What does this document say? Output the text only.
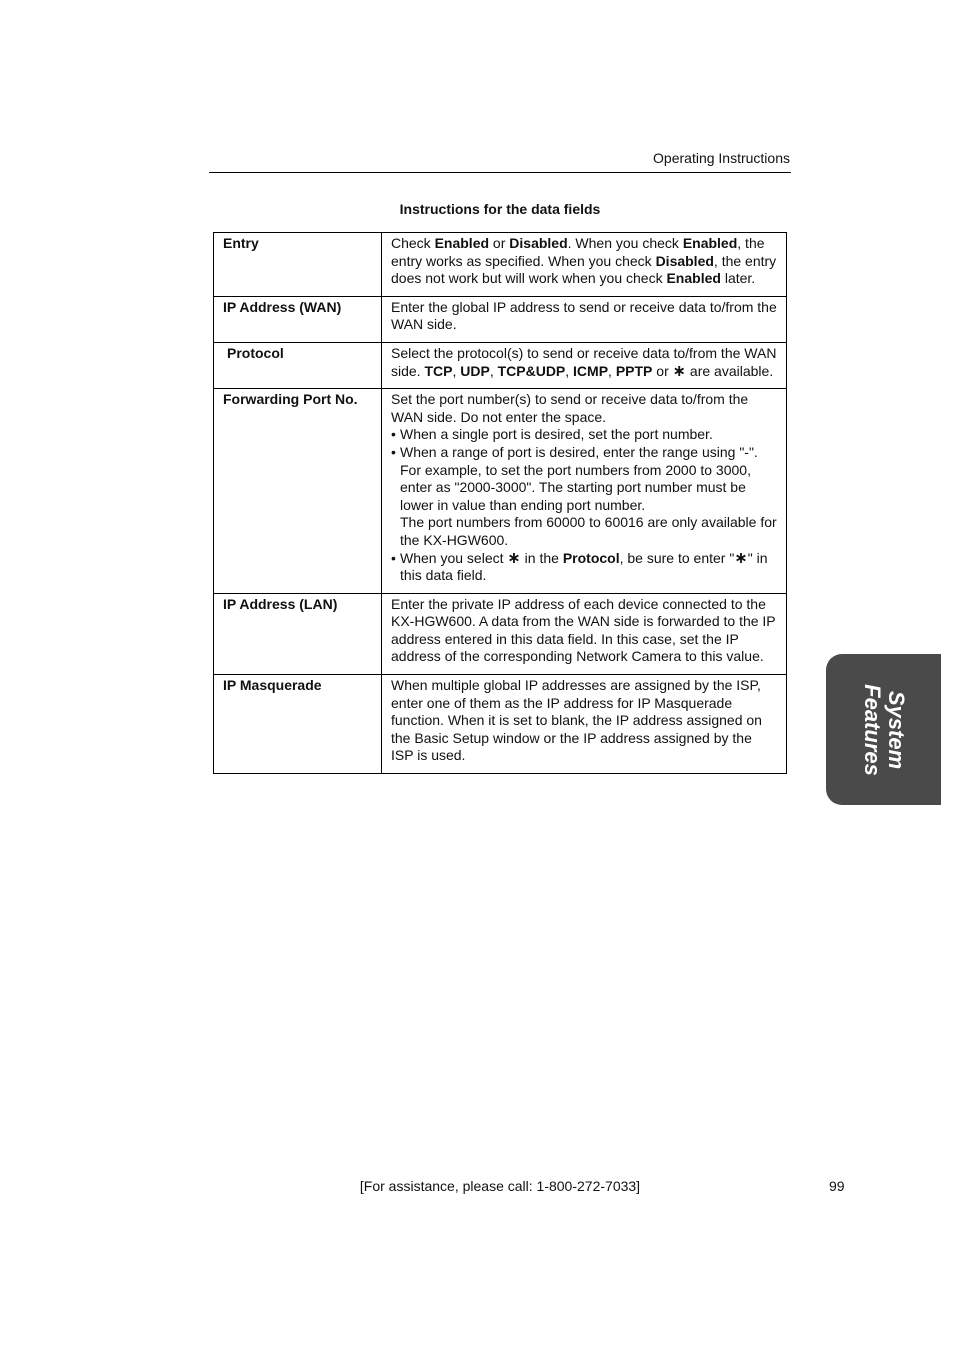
Operating Instructions
Instructions for the data fields
Entry	Check Enabled or Disabled. When you check Enabled, the entry works as specified. When you check Disabled, the entry does not work but will work when you check Enabled later.
IP Address (WAN)	Enter the global IP address to send or receive data to/from the WAN side.
Protocol	Select the protocol(s) to send or receive data to/from the WAN side. TCP, UDP, TCP&UDP, ICMP, PPTP or ∗ are available.
Forwarding Port No.	Set the port number(s) to send or receive data to/from the WAN side. Do not enter the space.

• When a single port is desired, set the port number.

• When a range of port is desired, enter the range using "-". For example, to set the port numbers from 2000 to 3000, enter as "2000-3000". The starting port number must be lower in value than ending port number.

The port numbers from 60000 to 60016 are only available for the KX-HGW600.

• When you select ∗ in the Protocol, be sure to enter "∗" in this data field.

IP Address (LAN)	Enter the private IP address of each device connected to the KX-HGW600. A data from the WAN side is forwarded to the IP address entered in this data field. In this case, set the IP address of the corresponding Network Camera to this value.
IP Masquerade	When multiple global IP addresses are assigned by the ISP, enter one of them as the IP address for IP Masquerade function. When it is set to blank, the IP address assigned on the Basic Setup window or the IP address assigned by the ISP is used.	System
Features
[For assistance, please call: 1-800-272-7033]	99
